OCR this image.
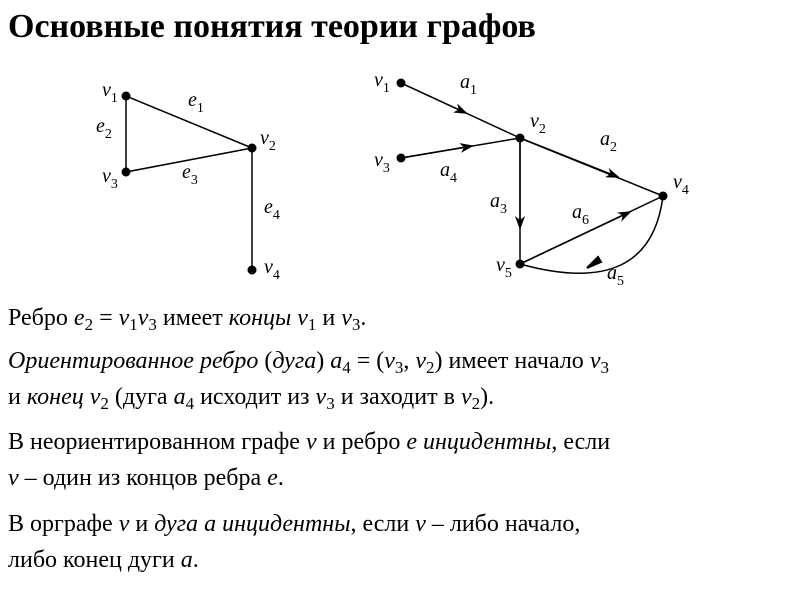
Основные понятия теории графов
$v_1$
$v_2$
$v_3$
$v_4$
$e_1$
$e_2$
$e_3$
$e_4$
$v_1$
$v_2$
$v_3$
$v_4$
$v_5$
$a_1$
$a_2$
$a_3$
$a_4$
$a_5$
$a_6$
Ребро $e_2 = v_1v_3$ имеет концы $v_1$ и $v_3$.
Ориентированное ребро (дуга) $a_4 = (v_3$, $v_2$) имеет начало $v_3$
и конец $v_2$ (дуга $a_4$ исходит из $v_3$ и заходит в $v_2$).
В неориентированном графе v и ребро e инцидентны, если
v – один из концов ребра e.
В орграфе v и дуга a инцидентны, если v – либо начало,
либо конец дуги a.
